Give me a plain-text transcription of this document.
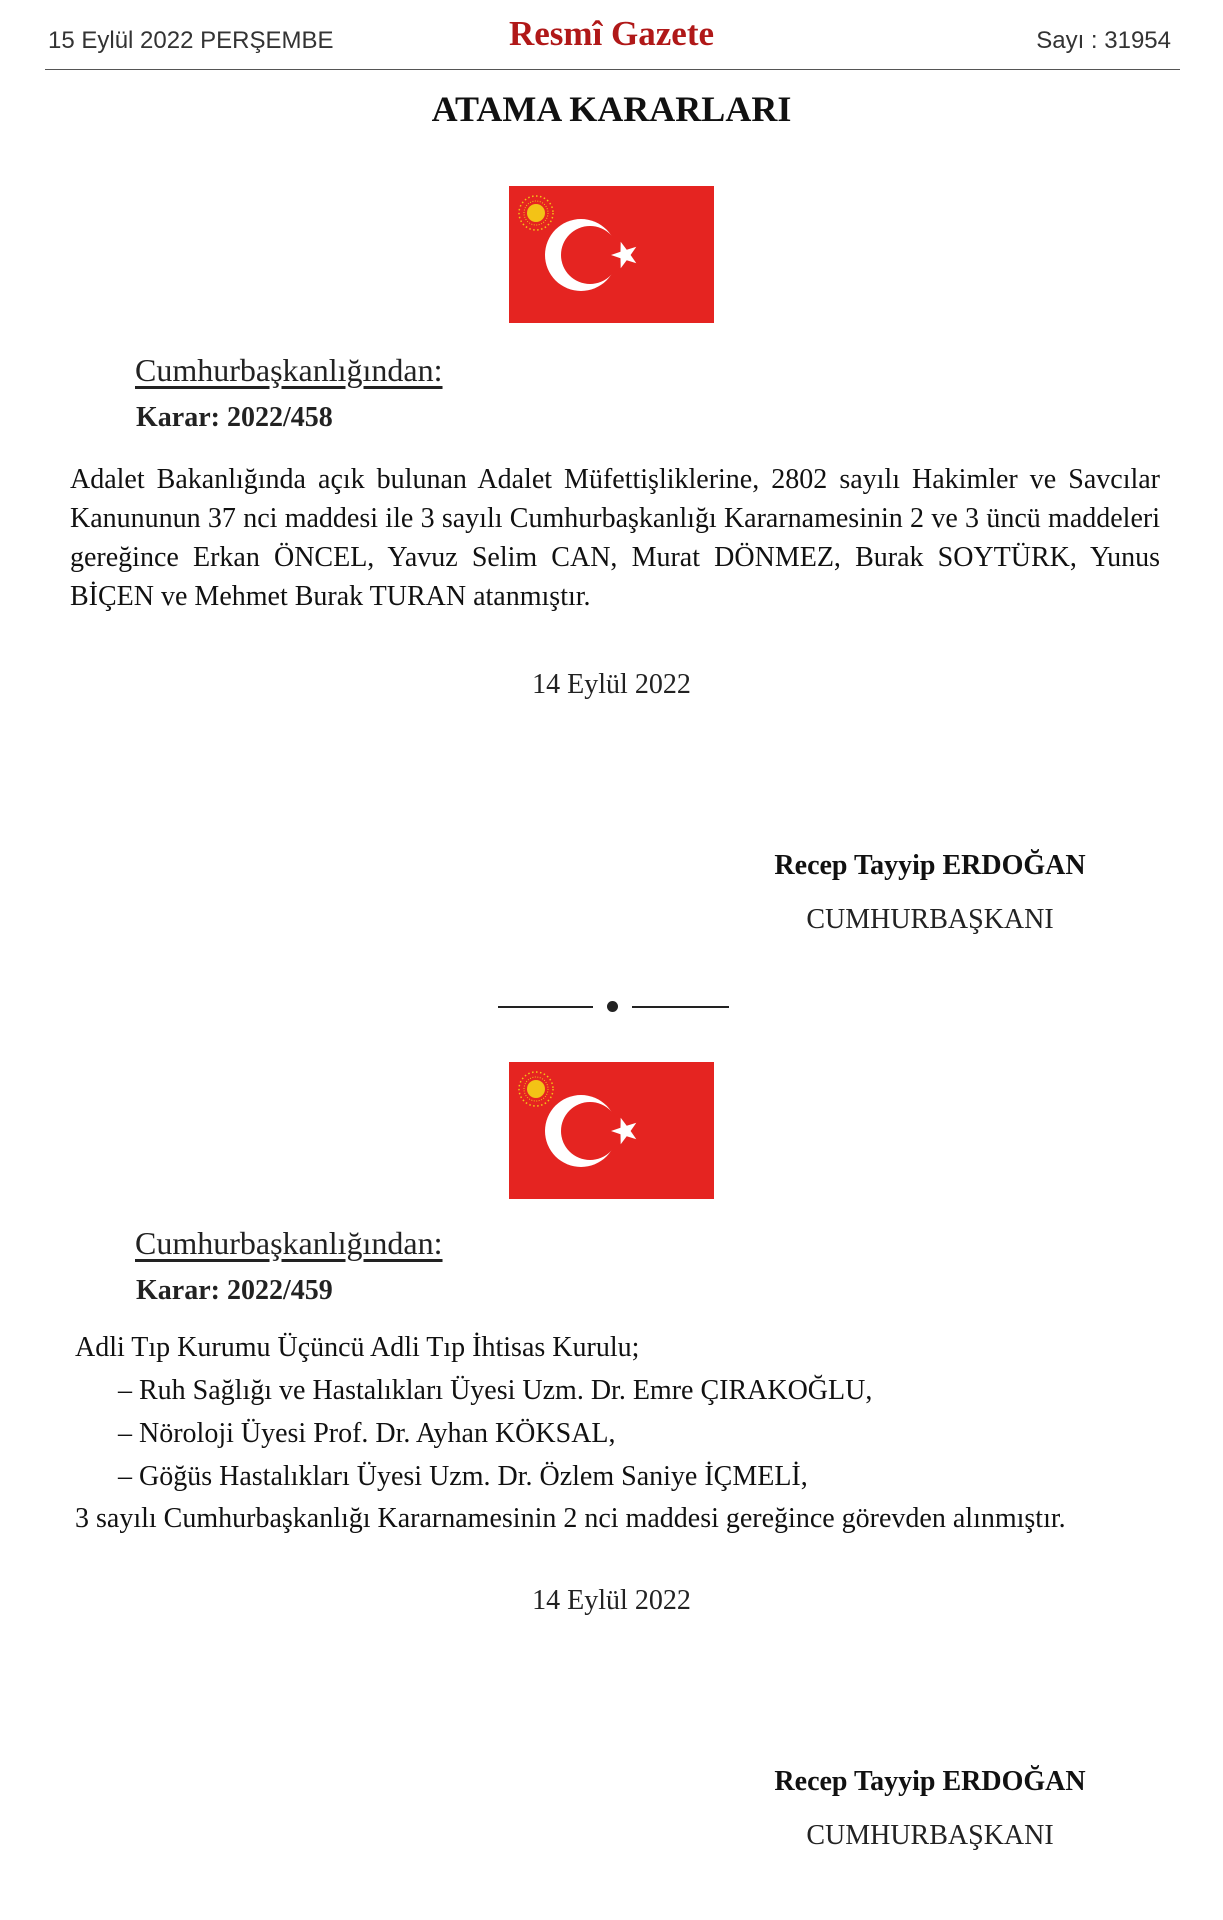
15 Eylül 2022 PERŞEMBE	Resmî Gazete	Sayı : 31954
ATAMA KARARLARI
Cumhurbaşkanlığından:
Karar: 2022/458
Adalet Bakanlığında açık bulunan Adalet Müfettişliklerine, 2802 sayılı Hakimler ve Savcılar Kanununun 37 nci maddesi ile 3 sayılı Cumhurbaşkanlığı Kararnamesinin 2 ve 3 üncü maddeleri gereğince Erkan ÖNCEL, Yavuz Selim CAN, Murat DÖNMEZ, Burak SOYTÜRK, Yunus BİÇEN ve Mehmet Burak TURAN atanmıştır.
14 Eylül 2022
Recep Tayyip ERDOĞAN
CUMHURBAŞKANI
Cumhurbaşkanlığından:
Karar: 2022/459
Adli Tıp Kurumu Üçüncü Adli Tıp İhtisas Kurulu;
– Ruh Sağlığı ve Hastalıkları Üyesi Uzm. Dr. Emre ÇIRAKOĞLU,
– Nöroloji Üyesi Prof. Dr. Ayhan KÖKSAL,
– Göğüs Hastalıkları Üyesi Uzm. Dr. Özlem Saniye İÇMELİ,
3 sayılı Cumhurbaşkanlığı Kararnamesinin 2 nci maddesi gereğince görevden alınmıştır.
14 Eylül 2022
Recep Tayyip ERDOĞAN
CUMHURBAŞKANI
